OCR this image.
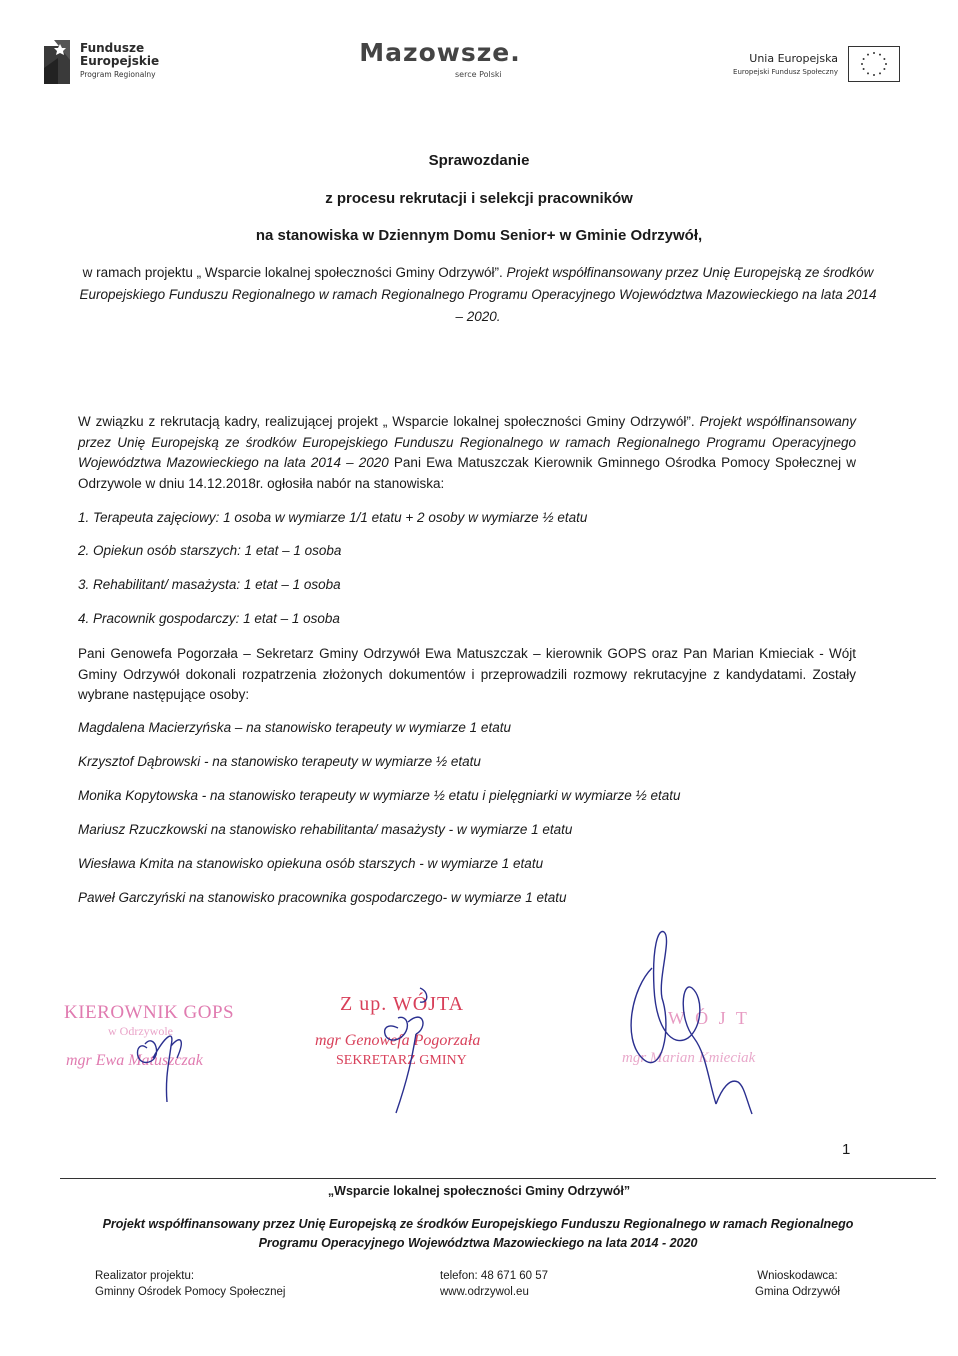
Fundusze
Europejskie
Program Regionalny
Mazowsze.
serce Polski
Unia Europejska
Europejski Fundusz Społeczny
Sprawozdanie
z procesu rekrutacji i selekcji pracowników
na stanowiska w Dziennym Domu Senior+ w Gminie Odrzywół,
w ramach projektu „ Wsparcie lokalnej społeczności Gminy Odrzywół”. Projekt współfinansowany przez Unię Europejską ze środków Europejskiego Funduszu Regionalnego w ramach Regionalnego Programu Operacyjnego Województwa Mazowieckiego na lata 2014 – 2020.
W związku z rekrutacją kadry, realizującej projekt „ Wsparcie lokalnej społeczności Gminy Odrzywół”. Projekt współfinansowany przez Unię Europejską ze środków Europejskiego Funduszu Regionalnego w ramach Regionalnego Programu Operacyjnego Województwa Mazowieckiego na lata 2014 – 2020 Pani Ewa Matuszczak Kierownik Gminnego Ośrodka Pomocy Społecznej w Odrzywole w dniu 14.12.2018r. ogłosiła nabór na stanowiska:
1. Terapeuta zajęciowy: 1 osoba w wymiarze 1/1 etatu + 2 osoby w wymiarze ½ etatu
2. Opiekun osób starszych: 1 etat – 1 osoba
3. Rehabilitant/ masażysta: 1 etat – 1 osoba
4. Pracownik gospodarczy: 1 etat – 1 osoba
Pani Genowefa Pogorzała – Sekretarz Gminy Odrzywół Ewa Matuszczak – kierownik GOPS oraz Pan Marian Kmieciak - Wójt Gminy Odrzywół dokonali rozpatrzenia złożonych dokumentów i przeprowadzili rozmowy rekrutacyjne z kandydatami. Zostały wybrane następujące osoby:
Magdalena Macierzyńska – na stanowisko terapeuty w wymiarze 1 etatu
Krzysztof Dąbrowski - na stanowisko terapeuty w wymiarze ½ etatu
Monika Kopytowska - na stanowisko terapeuty w wymiarze ½ etatu i pielęgniarki w wymiarze ½ etatu
Mariusz Rzuczkowski na stanowisko rehabilitanta/ masażysty - w wymiarze 1 etatu
Wiesława Kmita na stanowisko opiekuna osób starszych - w wymiarze 1 etatu
Paweł Garczyński na stanowisko pracownika gospodarczego- w wymiarze 1 etatu
KIEROWNIK GOPS
w Odrzywole
mgr Ewa Matuszczak
Z up. WÓJTA
mgr Genowefa Pogorzała
SEKRETARZ GMINY
W Ó J T
mgr Marian Kmieciak
1
„Wsparcie lokalnej społeczności Gminy Odrzywół”
Projekt współfinansowany przez Unię Europejską ze środków Europejskiego Funduszu Regionalnego w ramach Regionalnego Programu Operacyjnego Województwa Mazowieckiego na lata 2014 - 2020
Realizator projektu:
Gminny Ośrodek Pomocy Społecznej
telefon: 48 671 60 57
www.odrzywol.eu
Wnioskodawca:
Gmina Odrzywół
